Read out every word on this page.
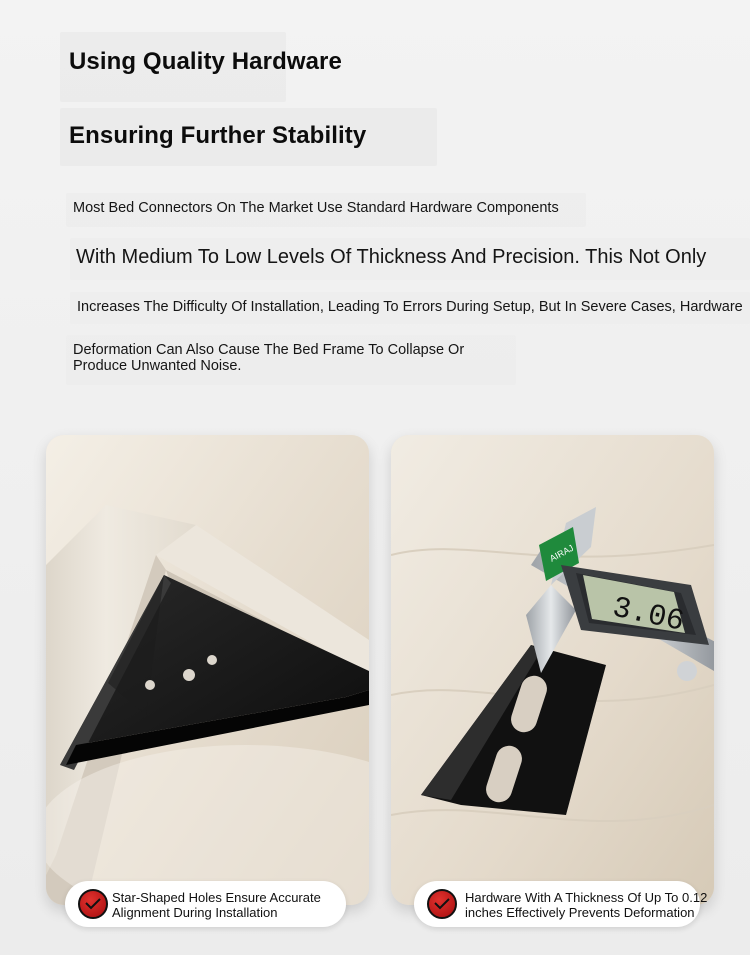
Using Quality Hardware
Ensuring Further Stability
Most Bed Connectors On The Market Use Standard Hardware Components
With Medium To Low Levels Of Thickness And Precision. This Not Only
Increases The Difficulty Of Installation, Leading To Errors During Setup, But In Severe Cases, Hardware
Deformation Can Also Cause The Bed Frame To Collapse Or
Produce Unwanted Noise.
AIRAJ
3.06
Star-Shaped Holes Ensure Accurate
Alignment During Installation
Hardware With A Thickness Of Up To 0.12
inches Effectively Prevents Deformation
